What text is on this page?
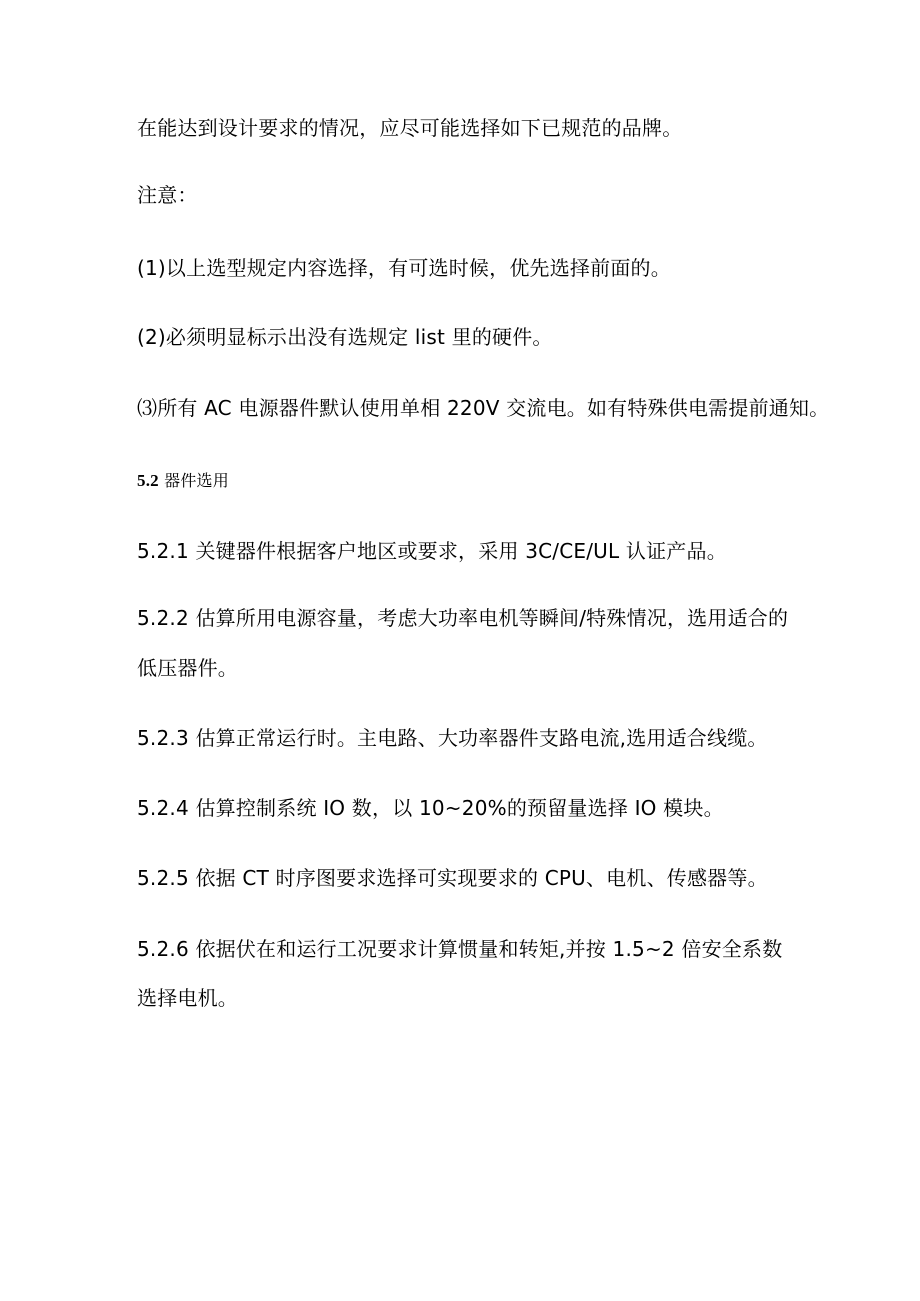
在能达到设计要求的情况，应尽可能选择如下已规范的品牌。
注意：
(1)以上选型规定内容选择，有可选时候，优先选择前面的。
(2)必须明显标示出没有选规定 list 里的硬件。
⑶所有 AC 电源器件默认使用单相 220V 交流电。如有特殊供电需提前通知。
5.2 器件选用
5.2.1 关键器件根据客户地区或要求，采用 3C/CE/UL 认证产品。
5.2.2 估算所用电源容量，考虑大功率电机等瞬间/特殊情况，选用适合的
低压器件。
5.2.3 估算正常运行时。主电路、大功率器件支路电流,选用适合线缆。
5.2.4 估算控制系统 IO 数，以 10~20%的预留量选择 IO 模块。
5.2.5 依据 CT 时序图要求选择可实现要求的 CPU、电机、传感器等。
5.2.6 依据伏在和运行工况要求计算惯量和转矩,并按 1.5~2 倍安全系数
选择电机。
